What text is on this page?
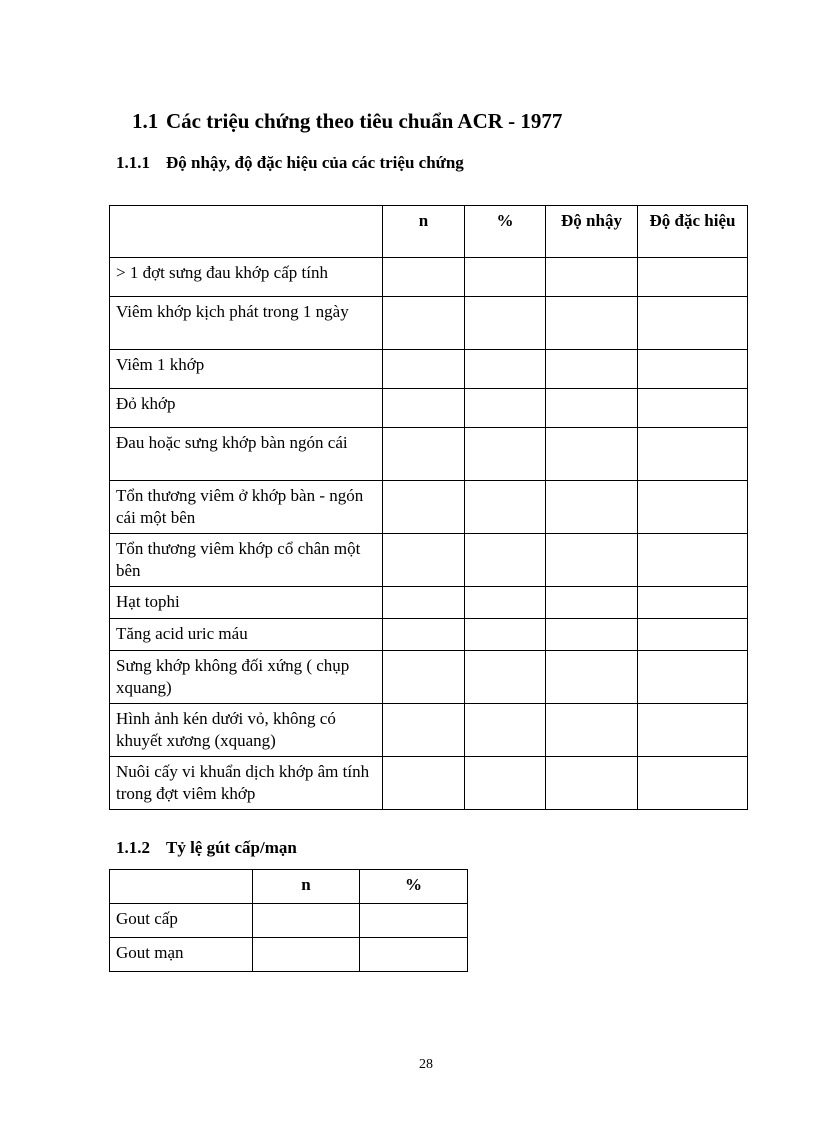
1.1 Các triệu chứng theo tiêu chuẩn ACR - 1977
1.1.1 Độ nhậy, độ đặc hiệu của các triệu chứng
	n	%	Độ nhậy	Độ đặc hiệu
> 1 đợt sưng đau khớp cấp tính				
Viêm khớp kịch phát trong 1 ngày				
Viêm 1 khớp				
Đỏ khớp				
Đau hoặc sưng khớp bàn ngón cái				
Tổn thương viêm ở khớp bàn - ngón cái một bên				
Tổn thương viêm khớp cổ chân một bên				
Hạt tophi				
Tăng acid uric máu				
Sưng khớp không đối xứng ( chụp xquang)				
Hình ảnh kén dưới vỏ, không có khuyết xương (xquang)				
Nuôi cấy vi khuẩn dịch khớp âm tính trong đợt viêm khớp				
1.1.2 Tỷ lệ gút cấp/mạn
	n	%
Gout cấp		
Gout mạn		
28
